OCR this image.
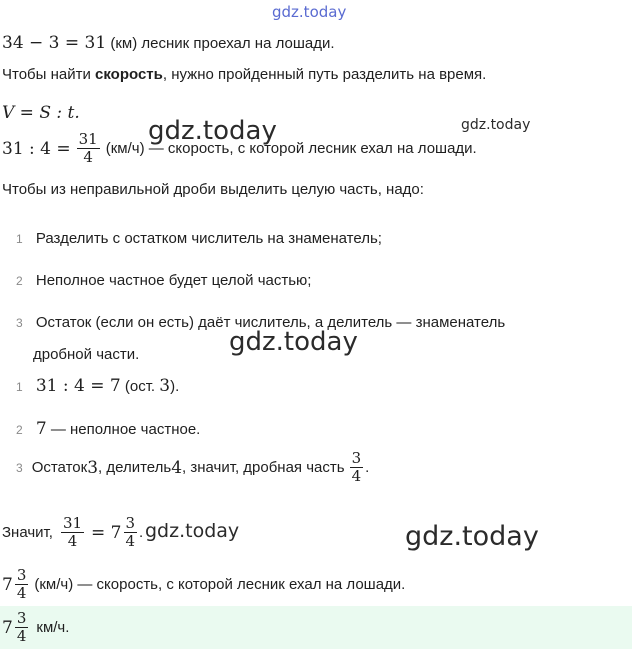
gdz.today
34 − 3 = 31 (км) лесник проехал на лошади.
Чтобы найти скорость, нужно пройденный путь разделить на время.
V = S : t.
gdz.today	gdz.today
31 : $4 = \frac{31}{4} (км/ч)$ — скорость, с которой лесник ехал на лошади.
Чтобы из неправильной дроби выделить целую часть, надо:
1 Разделить с остатком числитель на знаменатель;
2 Неполное частное будет целой частью;
3 Остаток (если он есть) даёт числитель, а делитель — знаменатель
дробной части.	gdz.today
1 31 : 4 = 7 (ост. 3).
2 7 — неполное частное.
3 Остаток 3 , делитель 4 , значит, дробная часть $\frac{3}{4}$ .
Значит, $\frac{31}{4} = 7 \frac{3}{4}$ . gdz.today	gdz.today
$7 \frac{3}{4} (км/ч)$ — скорость, с которой лесник ехал на лошади.
$7 \frac{3}{4} км/ч$.
